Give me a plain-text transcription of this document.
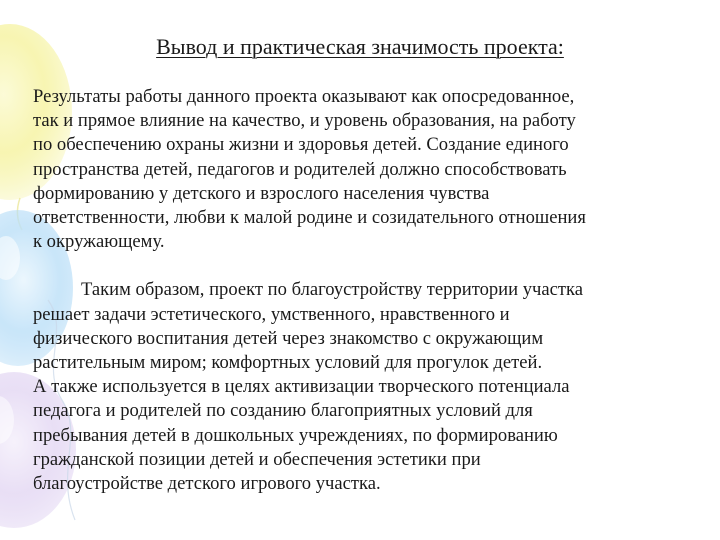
Вывод и практическая значимость проекта:

Результаты работы данного проекта оказывают как опосредованное,
так и прямое влияние на качество, и уровень образования, на работу
по обеспечению охраны жизни и здоровья детей. Создание единого
пространства детей, педагогов и родителей должно способствовать
формированию у детского и взрослого населения чувства
ответственности, любви к малой родине и созидательного отношения
к окружающему.

Таким образом, проект по благоустройству территории участка
решает задачи эстетического, умственного, нравственного и
физического воспитания детей через знакомство с окружающим
растительным миром; комфортных условий для прогулок детей.
А также используется в целях активизации творческого потенциала
педагога и родителей по созданию благоприятных условий для
пребывания детей в дошкольных учреждениях, по формированию
гражданской позиции детей и обеспечения эстетики при
благоустройстве детского игрового участка.
